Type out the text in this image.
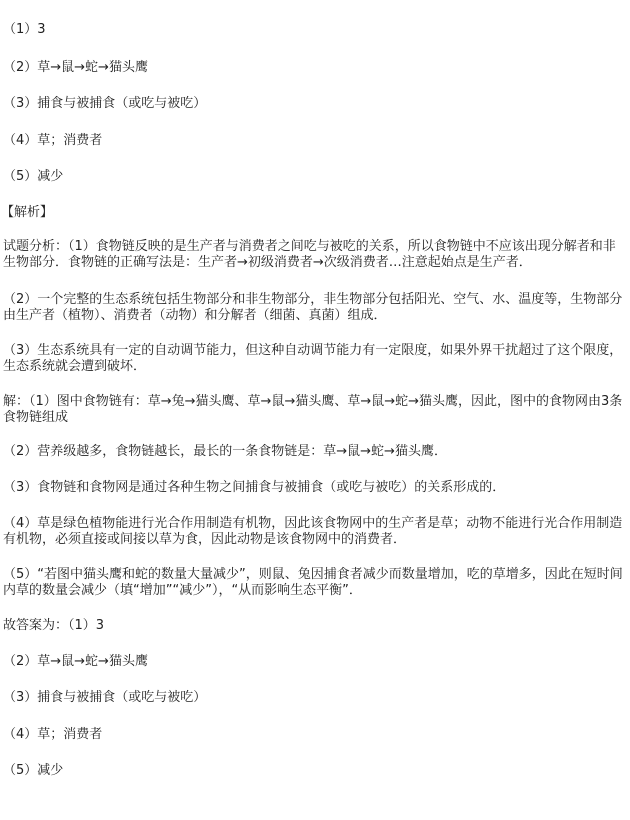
（1）3
（2）草→鼠→蛇→猫头鹰
（3）捕食与被捕食（或吃与被吃）
（4）草；消费者
（5）减少
【解析】
试题分析：（1）食物链反映的是生产者与消费者之间吃与被吃的关系，所以食物链中不应该出现分解者和非生物部分．食物链的正确写法是：生产者→初级消费者→次级消费者…注意起始点是生产者．
（2）一个完整的生态系统包括生物部分和非生物部分，非生物部分包括阳光、空气、水、温度等，生物部分由生产者（植物）、消费者（动物）和分解者（细菌、真菌）组成．
（3）生态系统具有一定的自动调节能力，但这种自动调节能力有一定限度，如果外界干扰超过了这个限度，生态系统就会遭到破坏．
解：（1）图中食物链有：草→兔→猫头鹰、草→鼠→猫头鹰、草→鼠→蛇→猫头鹰，因此，图中的食物网由3条食物链组成
（2）营养级越多，食物链越长，最长的一条食物链是：草→鼠→蛇→猫头鹰．
（3）食物链和食物网是通过各种生物之间捕食与被捕食（或吃与被吃）的关系形成的．
（4）草是绿色植物能进行光合作用制造有机物，因此该食物网中的生产者是草；动物不能进行光合作用制造有机物，必须直接或间接以草为食，因此动物是该食物网中的消费者．
（5）“若图中猫头鹰和蛇的数量大量减少”，则鼠、兔因捕食者减少而数量增加，吃的草增多，因此在短时间内草的数量会减少（填“增加”“减少”），“从而影响生态平衡”．
故答案为：（1）3
（2）草→鼠→蛇→猫头鹰
（3）捕食与被捕食（或吃与被吃）
（4）草；消费者
（5）减少
